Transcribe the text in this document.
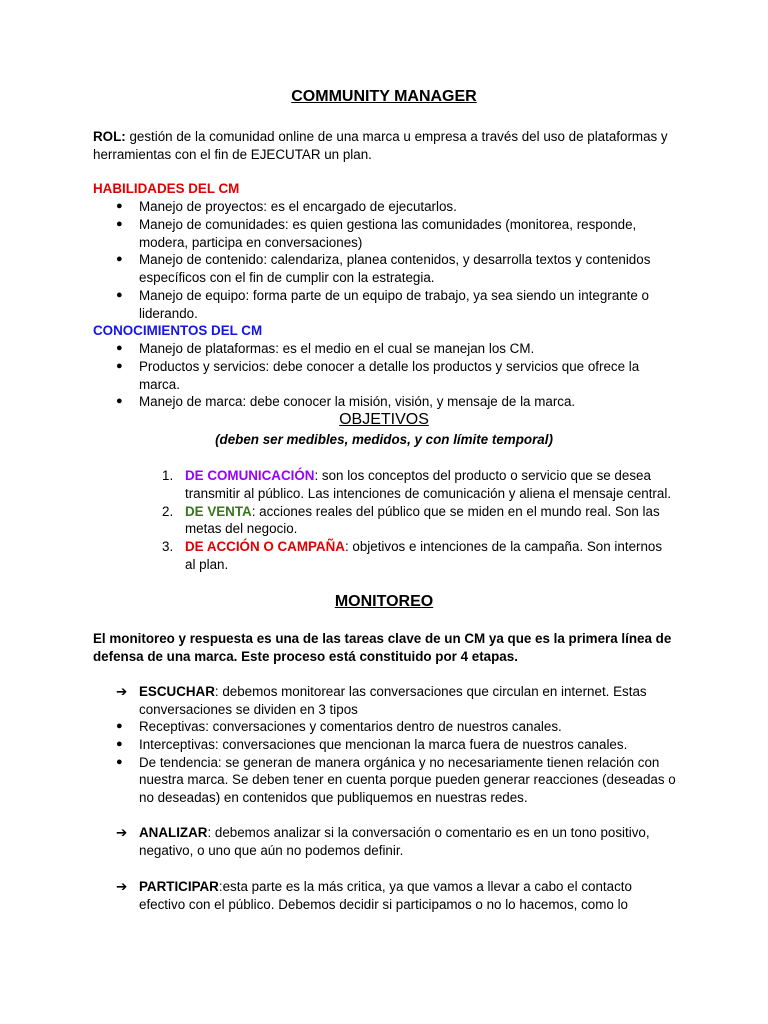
COMMUNITY MANAGER

ROL: gestión de la comunidad online de una marca u empresa a través del uso de plataformas y herramientas con el fin de EJECUTAR un plan.

HABILIDADES DEL CM

● Manejo de proyectos: es el encargado de ejecutarlos.
● Manejo de comunidades: es quien gestiona las comunidades (monitorea, responde, modera, participa en conversaciones)
● Manejo de contenido: calendariza, planea contenidos, y desarrolla textos y contenidos específicos con el fin de cumplir con la estrategia.
● Manejo de equipo: forma parte de un equipo de trabajo, ya sea siendo un integrante o liderando.

CONOCIMIENTOS DEL CM

● Manejo de plataformas: es el medio en el cual se manejan los CM.
● Productos y servicios: debe conocer a detalle los productos y servicios que ofrece la marca.
● Manejo de marca: debe conocer la misión, visión, y mensaje de la marca.
OBJETIVOS

(deben ser medibles, medidos, y con límite temporal)

1. DE COMUNICACIÓN: son los conceptos del producto o servicio que se desea transmitir al público. Las intenciones de comunicación y aliena el mensaje central.
2. DE VENTA: acciones reales del público que se miden en el mundo real. Son las metas del negocio.
3. DE ACCIÓN O CAMPAÑA: objetivos e intenciones de la campaña. Son internos al plan.
MONITOREO

El monitoreo y respuesta es una de las tareas clave de un CM ya que es la primera línea de defensa de una marca. Este proceso está constituido por 4 etapas.

➔ ESCUCHAR: debemos monitorear las conversaciones que circulan en internet. Estas conversaciones se dividen en 3 tipos
● Receptivas: conversaciones y comentarios dentro de nuestros canales.
● Interceptivas: conversaciones que mencionan la marca fuera de nuestros canales.
● De tendencia: se generan de manera orgánica y no necesariamente tienen relación con nuestra marca. Se deben tener en cuenta porque pueden generar reacciones (deseadas o no deseadas) en contenidos que publiquemos en nuestras redes.
➔ ANALIZAR: debemos analizar si la conversación o comentario es en un tono positivo, negativo, o uno que aún no podemos definir.
➔ PARTICIPAR:esta parte es la más critica, ya que vamos a llevar a cabo el contacto efectivo con el público. Debemos decidir si participamos o no lo hacemos, como lo
